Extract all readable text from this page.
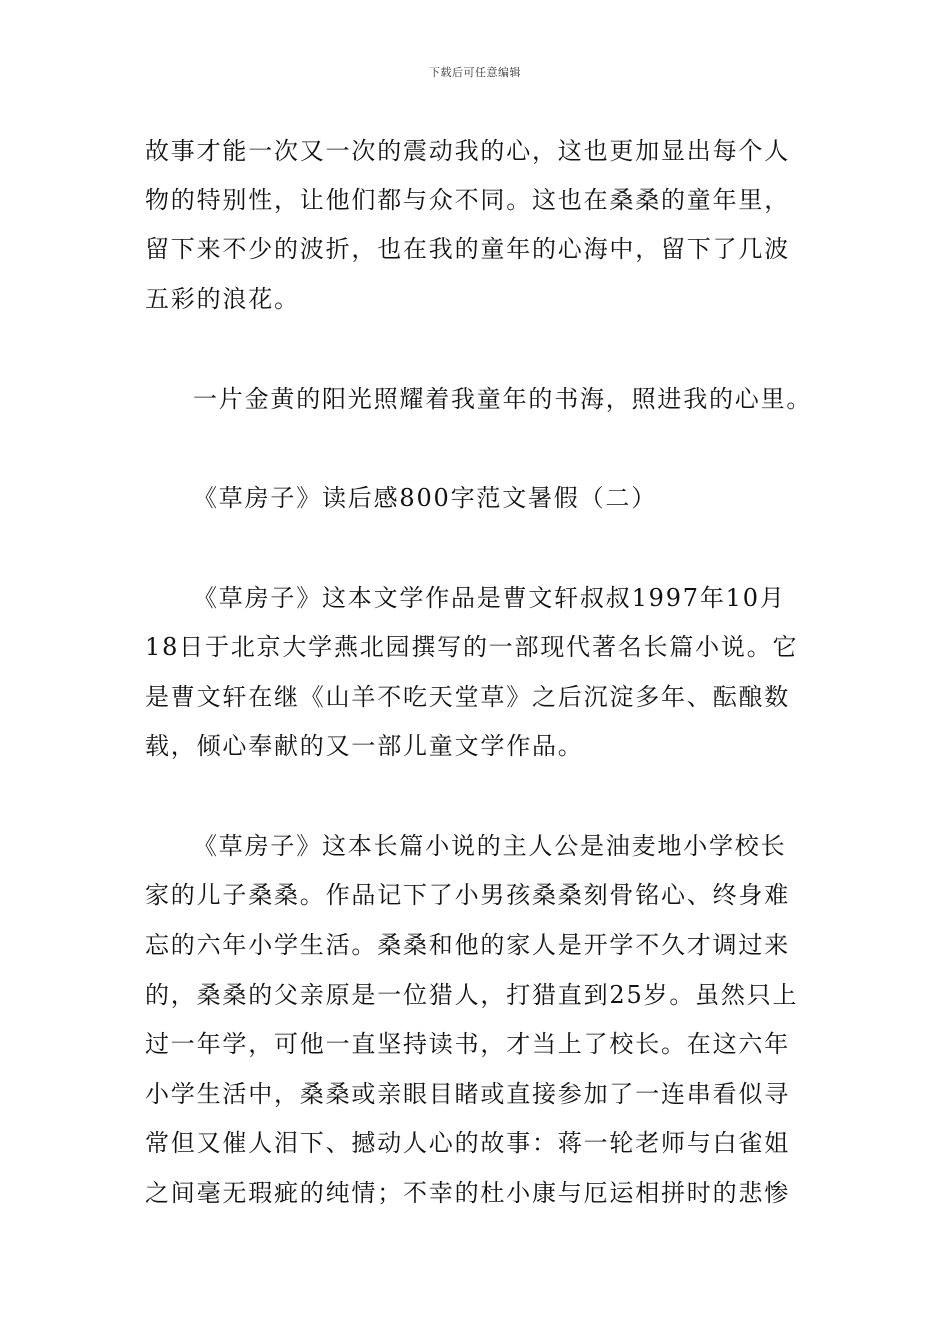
下载后可任意编辑
故事才能一次又一次的震动我的心，这也更加显出每个人
物的特别性，让他们都与众不同。这也在桑桑的童年里，
留下来不少的波折，也在我的童年的心海中，留下了几波
五彩的浪花。
一片金黄的阳光照耀着我童年的书海，照进我的心里。
《草房子》读后感800字范文暑假（二）
《草房子》这本文学作品是曹文轩叔叔1997年10月
18日于北京大学燕北园撰写的一部现代著名长篇小说。它
是曹文轩在继《山羊不吃天堂草》之后沉淀多年、酝酿数
载，倾心奉献的又一部儿童文学作品。
《草房子》这本长篇小说的主人公是油麦地小学校长
家的儿子桑桑。作品记下了小男孩桑桑刻骨铭心、终身难
忘的六年小学生活。桑桑和他的家人是开学不久才调过来
的，桑桑的父亲原是一位猎人，打猎直到25岁。虽然只上
过一年学，可他一直坚持读书，才当上了校长。在这六年
小学生活中，桑桑或亲眼目睹或直接参加了一连串看似寻
常但又催人泪下、撼动人心的故事：蒋一轮老师与白雀姐
之间毫无瑕疵的纯情；不幸的杜小康与厄运相拼时的悲惨
